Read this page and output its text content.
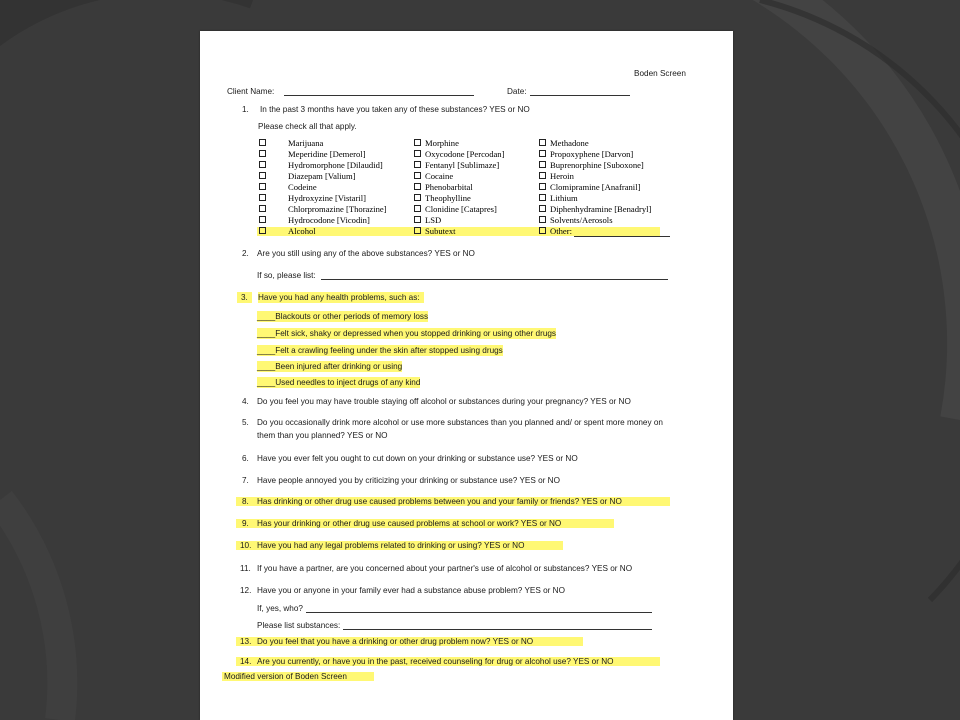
Boden Screen
Client Name:	Date:
1. In the past 3 months have you taken any of these substances? YES or NO
Please check all that apply.
Marijuana
Meperidine [Demerol]
Hydromorphone [Dilaudid]
Diazepam [Valium]
Codeine
Hydroxyzine [Vistaril]
Chlorpromazine [Thorazine]
Hydrocodone [Vicodin]
Alcohol
Morphine
Oxycodone [Percodan]
Fentanyl [Sublimaze]
Cocaine
Phenobarbital
Theophylline
Clonidine [Catapres]
LSD
Subutext
Methadone
Propoxyphene [Darvon]
Buprenorphine [Suboxone]
Heroin
Clomipramine [Anafranil]
Lithium
Diphenhydramine [Benadryl]
Solvents/Aerosols
Other:
2. Are you still using any of the above substances? YES or NO
If so, please list:
3.	Have you had any health problems, such as:
____Blackouts or other periods of memory loss
____Felt sick, shaky or depressed when you stopped drinking or using other drugs
____Felt a crawling feeling under the skin after stopped using drugs
____Been injured after drinking or using
____Used needles to inject drugs of any kind
4. Do you feel you may have trouble staying off alcohol or substances during your pregnancy? YES or NO
5. Do you occasionally drink more alcohol or use more substances than you planned and/ or spent more money on
them than you planned? YES or NO
6. Have you ever felt you ought to cut down on your drinking or substance use? YES or NO
7. Have people annoyed you by criticizing your drinking or substance use? YES or NO
8. Has drinking or other drug use caused problems between you and your family or friends? YES or NO
9. Has your drinking or other drug use caused problems at school or work? YES or NO
10. Have you had any legal problems related to drinking or using? YES or NO
11. If you have a partner, are you concerned about your partner's use of alcohol or substances? YES or NO
12. Have you or anyone in your family ever had a substance abuse problem? YES or NO
If, yes, who?
Please list substances:
13. Do you feel that you have a drinking or other drug problem now? YES or NO
14. Are you currently, or have you in the past, received counseling for drug or alcohol use? YES or NO
Modified version of Boden Screen
